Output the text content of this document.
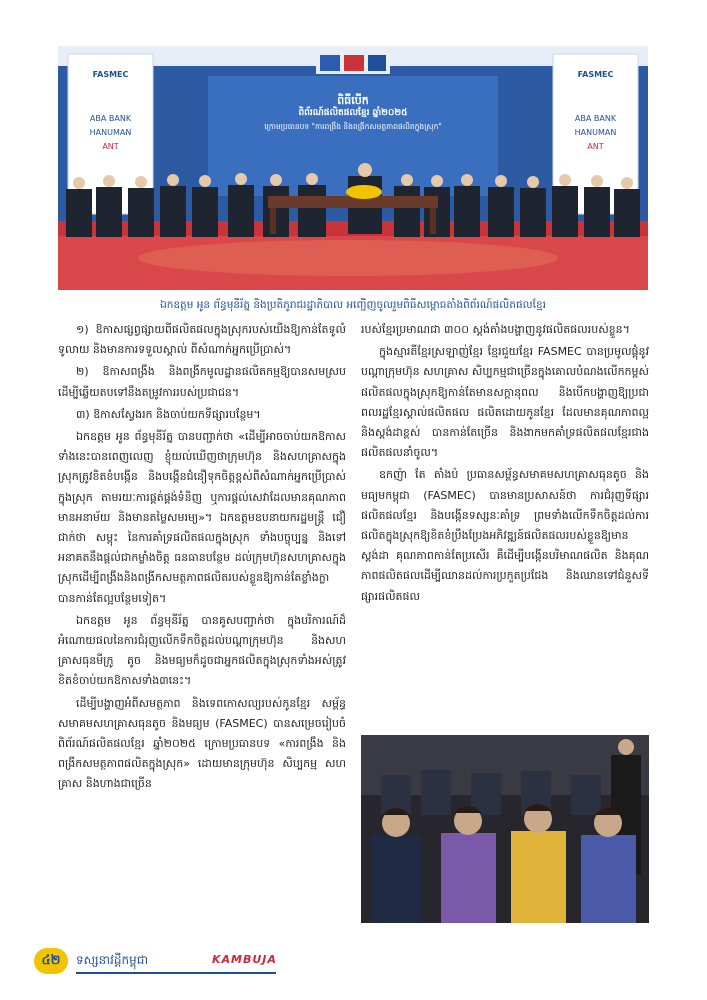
ពិធីបើក
ពិព័រណ៍ផលិតផលខ្មែរ ឆ្នាំ២០២៥
ក្រោមប្រធានបទ "ការពង្រឹង និងពង្រីកសមត្ថភាពផលិតក្នុងស្រុក"
FASMEC
ABA BANK
HANUMAN
ANT
FASMEC
ABA BANK
HANUMAN
ANT
ឯកឧត្តម អូន ព័ន្ធមុនីរ័ត្ន និងប្រតិភូរាជរដ្ឋាភិបាល អញ្ជើញចូលរួមពិធីសម្ពោធតាំងពិព័រណ៍ផលិតផលខ្មែរ

១) ឱកាសផ្សព្វផ្សាយពីផលិតផលក្នុងស្រុករបស់យើងឱ្យកាន់តែទូលំទូលាយ និងមានការទទួលស្គាល់ ពីសំណាក់អ្នកប្រើប្រាស់។

២) ឱកាសពង្រឹង និងពង្រីកមូលដ្ឋានផលិតកម្មឱ្យបានសមស្រប ដើម្បីឆ្លើយតបទៅនឹងតម្រូវការរបស់ប្រជាជន។

៣) ឱកាសស្វែងរក និងចាប់យកទីផ្សារបន្ថែម។

ឯកឧត្តម អូន ព័ន្ធមុនីរ័ត្ន បានបញ្ជាក់ថា «ដើម្បីអាចចាប់យកឱកាសទាំងនេះបានពេញលេញ ខ្ញុំយល់ឃើញថាក្រុមហ៊ុន និងសហគ្រាសក្នុងស្រុកត្រូវខិតខំបង្កើន និងបង្កើនជំនឿទុកចិត្តខ្ពស់ពីសំណាក់អ្នកប្រើប្រាស់ក្នុងស្រុក តាមរយៈការផ្គត់ផ្គង់ទំនិញ ឬការផ្តល់សេវាដែលមានគុណភាព មានអនាម័យ និងមានតម្លៃសមរម្យ»។ ឯកឧត្តមឧបនាយករដ្ឋមន្ត្រី ជឿជាក់ថា សម្ពុះ នៃការគាំទ្រផលិតផលក្នុងស្រុក ទាំងបច្ចុប្បន្ន និងទៅអនាគតនឹងផ្តល់ជាកម្លាំងចិត្ត ធនធានបន្ថែម ដល់ក្រុមហ៊ុនសហគ្រាសក្នុងស្រុកដើម្បីពង្រឹងនិងពង្រីកសមត្ថភាពផលិតរបស់ខ្លួនឱ្យកាន់តែខ្លាំងក្លាបានកាន់តែល្អបន្ថែមទៀត។

ឯកឧត្តម អូន ព័ន្ធមុនីរ័ត្ន បានគូសបញ្ជាក់ថា ក្នុងបរិការណ៍ដ៏អំណោយផលនៃការជំរុញលើកទឹកចិត្តដល់បណ្តាក្រុមហ៊ុន និងសហគ្រាសធុនមីក្រូ តូច និងមធ្យមក៏ដូចជាអ្នកផលិតក្នុងស្រុកទាំងអស់ត្រូវខិតខំចាប់យកឱកាសទាំង៣នេះ។

ដើម្បីបង្ហាញអំពីសមត្ថភាព និងទេពកោសល្យរបស់កូនខ្មែរ សម្ព័ន្ធសមាគមសហគ្រាសធុនតូច និងមធ្យម (FASMEC) បានសម្រេចរៀបចំពិព័រណ៍ផលិតផលខ្មែរ ឆ្នាំ២០២៥ ក្រោមប្រធានបទ «ការពង្រឹង និងពង្រីកសមត្ថភាពផលិតក្នុងស្រុក» ដោយមានក្រុមហ៊ុន សិប្បកម្ម សហគ្រាស និងហាងជាច្រើន

របស់ខ្មែរប្រមាណជា ៣០០ ស្តង់តាំងបង្ហាញនូវផលិតផលរបស់ខ្លួន។

ក្នុងស្មារតីខ្មែរស្រឡាញ់ខ្មែរ ខ្មែរជួយខ្មែរ FASMEC បានប្រមូលផ្តុំនូវបណ្តាក្រុមហ៊ុន សហគ្រាស សិប្បកម្មជាច្រើនក្នុងគោលបំណងលើកកម្ពស់ផលិតផលក្នុងស្រុកឱ្យកាន់តែមានសក្តានុពល និងបើកបង្ហាញឱ្យប្រជាពលរដ្ឋខ្មែរស្គាល់ផលិតផល ផលិតដោយកូនខ្មែរ ដែលមានគុណភាពល្អ និងស្តង់ដាខ្ពស់ បានកាន់តែច្រើន និងងាកមកគាំទ្រផលិតផលខ្មែរជាងផលិតផលនាំចូល។

ឧកញ៉ា តែ តាំងប៉ ប្រធានសម្ព័ន្ធសមាគមសហគ្រាសធុនតូច និងមធ្យមកម្ពុជា (FASMEC) បានមានប្រសាសន៍ថា ការជំរុញទីផ្សារផលិតផលខ្មែរ និងបង្កើនទស្សនៈគាំទ្រ ព្រមទាំងលើកទឹកចិត្តដល់ការផលិតក្នុងស្រុកឱ្យខិតខំប្រឹងប្រែងអភិវឌ្ឍន៍ផលិតផលរបស់ខ្លួនឱ្យមានស្តង់ដា គុណភាពកាន់តែប្រសើរ គឺដើម្បីបង្កើនបរិមាណផលិត និងគុណភាពផលិតផលដើម្បីឈានដល់ការប្រកួតប្រជែង និងឈានទៅជំនួសទីផ្សារផលិតផល

៤២	ទស្សនាវដ្តីកម្ពុជា	KAMBUJA
